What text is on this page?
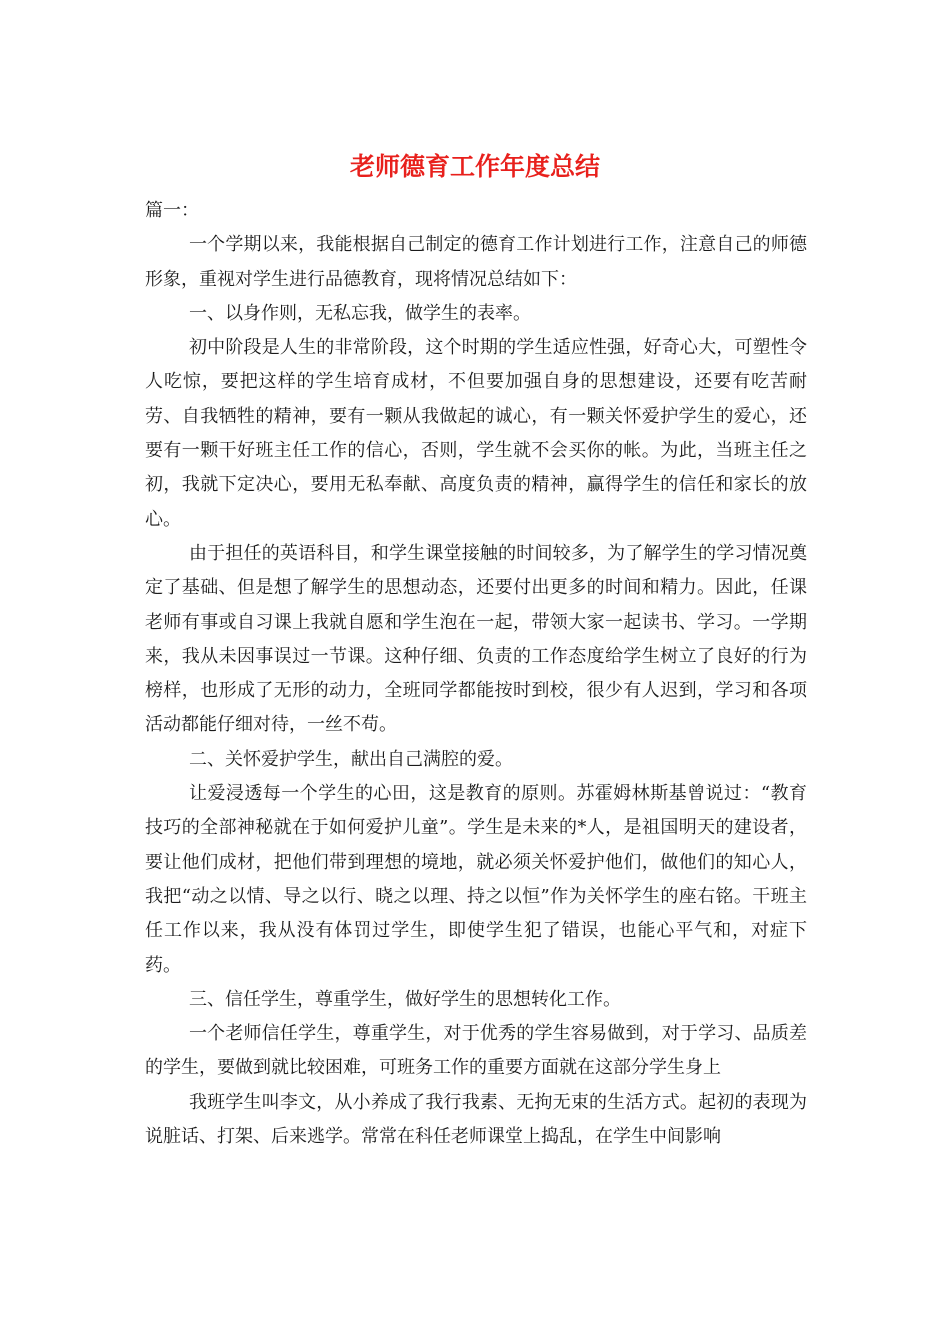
老师德育工作年度总结

篇一：

一个学期以来，我能根据自己制定的德育工作计划进行工作，注意自己的师德形象，重视对学生进行品德教育，现将情况总结如下：

一、以身作则，无私忘我，做学生的表率。

初中阶段是人生的非常阶段，这个时期的学生适应性强，好奇心大，可塑性令人吃惊，要把这样的学生培育成材，不但要加强自身的思想建设，还要有吃苦耐劳、自我牺牲的精神，要有一颗从我做起的诚心，有一颗关怀爱护学生的爱心，还要有一颗干好班主任工作的信心，否则，学生就不会买你的帐。为此，当班主任之初，我就下定决心，要用无私奉献、高度负责的精神，赢得学生的信任和家长的放心。

由于担任的英语科目，和学生课堂接触的时间较多，为了解学生的学习情况奠定了基础、但是想了解学生的思想动态，还要付出更多的时间和精力。因此，任课老师有事或自习课上我就自愿和学生泡在一起，带领大家一起读书、学习。一学期来，我从未因事误过一节课。这种仔细、负责的工作态度给学生树立了良好的行为榜样，也形成了无形的动力，全班同学都能按时到校，很少有人迟到，学习和各项活动都能仔细对待，一丝不苟。

二、关怀爱护学生，献出自己满腔的爱。

让爱浸透每一个学生的心田，这是教育的原则。苏霍姆林斯基曾说过：“教育技巧的全部神秘就在于如何爱护儿童”。学生是未来的*人，是祖国明天的建设者，要让他们成材，把他们带到理想的境地，就必须关怀爱护他们，做他们的知心人，我把“动之以情、导之以行、晓之以理、持之以恒”作为关怀学生的座右铭。干班主任工作以来，我从没有体罚过学生，即使学生犯了错误，也能心平气和，对症下药。

三、信任学生，尊重学生，做好学生的思想转化工作。

一个老师信任学生，尊重学生，对于优秀的学生容易做到，对于学习、品质差的学生，要做到就比较困难，可班务工作的重要方面就在这部分学生身上

我班学生叫李文，从小养成了我行我素、无拘无束的生活方式。起初的表现为说脏话、打架、后来逃学。常常在科任老师课堂上捣乱，在学生中间影响
